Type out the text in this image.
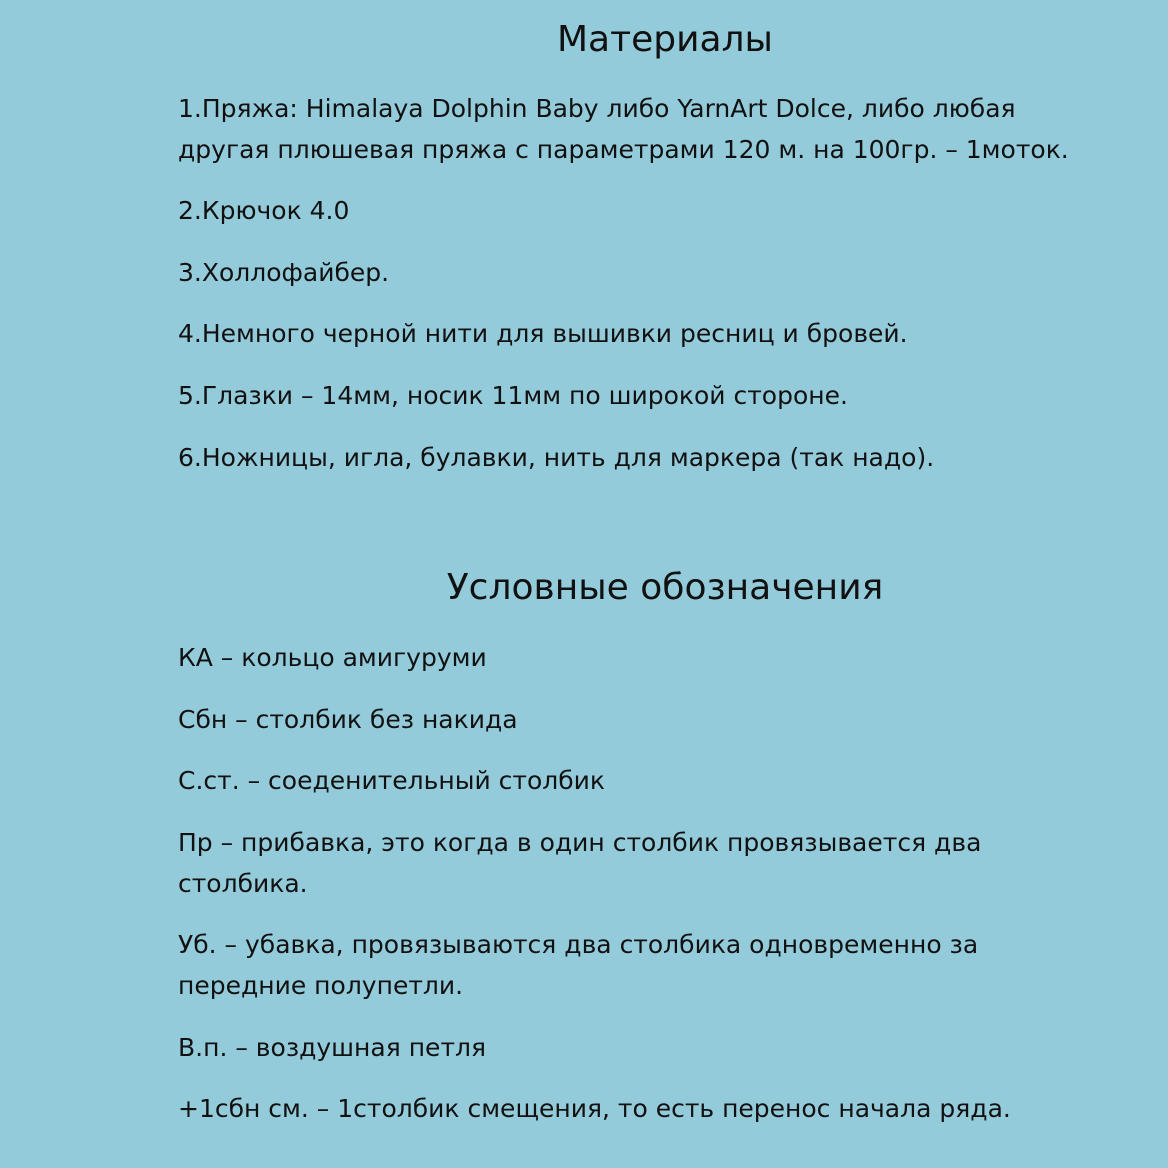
Материалы
1.Пряжа: Himalaya Dolphin Baby либо YarnArt Dolce, либо любая
другая плюшевая пряжа с параметрами 120 м. на 100гр. – 1моток.
2.Крючок 4.0
3.Холлофайбер.
4.Немного черной нити для вышивки ресниц и бровей.
5.Глазки – 14мм, носик 11мм по широкой стороне.
6.Ножницы, игла, булавки, нить для маркера (так надо).
Условные обозначения
КА – кольцо амигуруми
Сбн – столбик без накида
С.ст. – соеденительный столбик
Пр – прибавка, это когда в один столбик провязывается два
столбика.
Уб. – убавка, провязываются два столбика одновременно за
передние полупетли.
В.п. – воздушная петля
+1сбн см. – 1столбик смещения, то есть перенос начала ряда.
